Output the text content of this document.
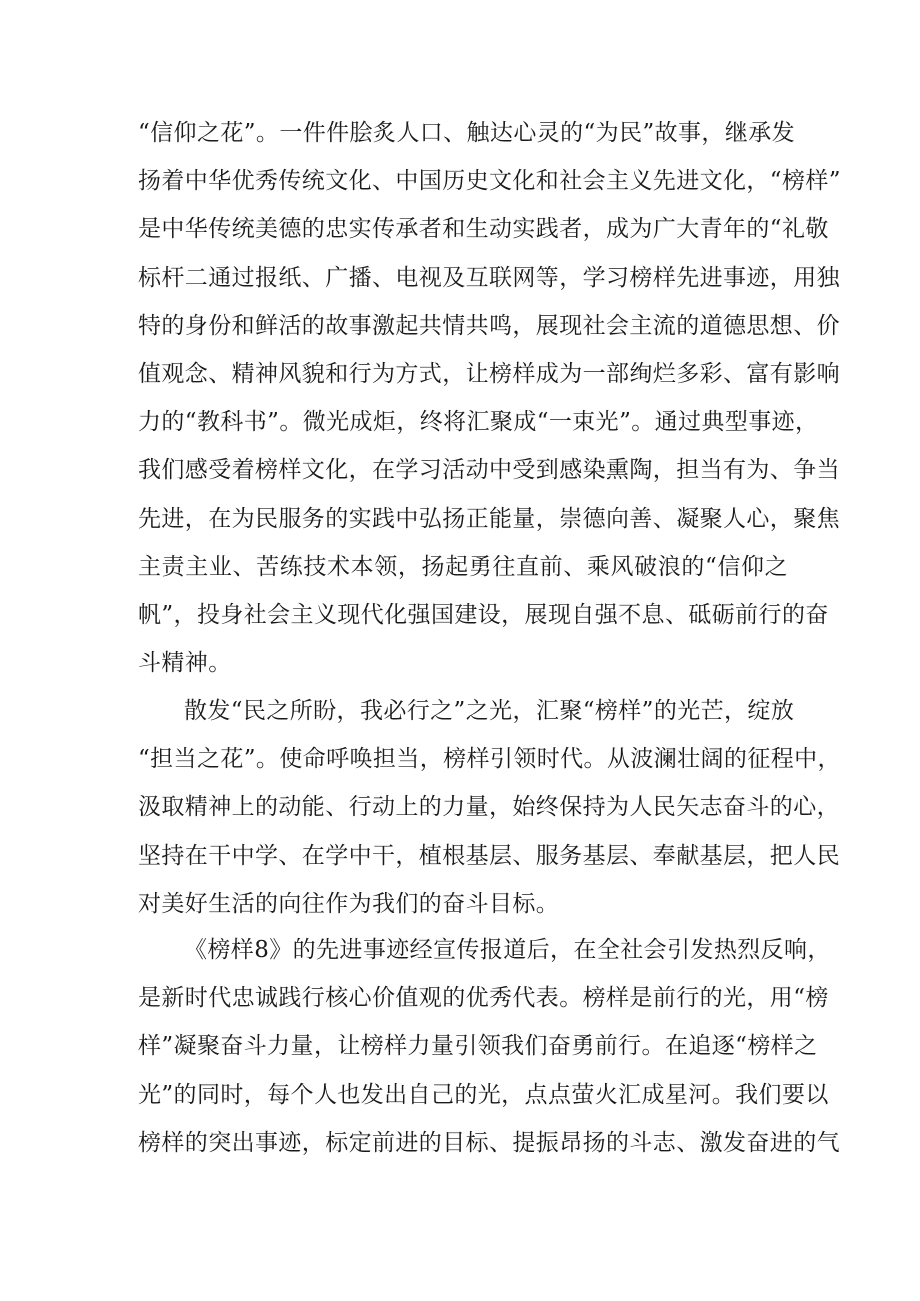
“信仰之花”。一件件脍炙人口、触达心灵的“为民”故事，继承发
扬着中华优秀传统文化、中国历史文化和社会主义先进文化，“榜样”
是中华传统美德的忠实传承者和生动实践者，成为广大青年的“礼敬
标杆二通过报纸、广播、电视及互联网等，学习榜样先进事迹，用独
特的身份和鲜活的故事激起共情共鸣，展现社会主流的道德思想、价
值观念、精神风貌和行为方式，让榜样成为一部绚烂多彩、富有影响
力的“教科书”。微光成炬，终将汇聚成“一束光”。通过典型事迹，
我们感受着榜样文化，在学习活动中受到感染熏陶，担当有为、争当
先进，在为民服务的实践中弘扬正能量，崇德向善、凝聚人心，聚焦
主责主业、苦练技术本领，扬起勇往直前、乘风破浪的“信仰之
帆”，投身社会主义现代化强国建设，展现自强不息、砥砺前行的奋
斗精神。
散发“民之所盼，我必行之”之光，汇聚“榜样”的光芒，绽放
“担当之花”。使命呼唤担当，榜样引领时代。从波澜壮阔的征程中，
汲取精神上的动能、行动上的力量，始终保持为人民矢志奋斗的心，
坚持在干中学、在学中干，植根基层、服务基层、奉献基层，把人民
对美好生活的向往作为我们的奋斗目标。
《榜样8》的先进事迹经宣传报道后，在全社会引发热烈反响，
是新时代忠诚践行核心价值观的优秀代表。榜样是前行的光，用“榜
样”凝聚奋斗力量，让榜样力量引领我们奋勇前行。在追逐“榜样之
光”的同时，每个人也发出自己的光，点点萤火汇成星河。我们要以
榜样的突出事迹，标定前进的目标、提振昂扬的斗志、激发奋进的气
